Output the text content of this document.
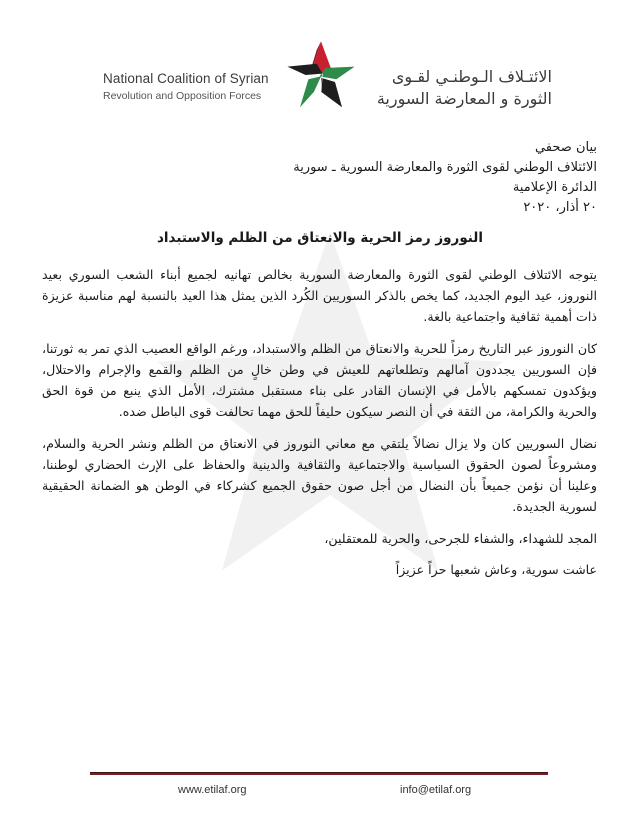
National Coalition of Syrian
Revolution and Opposition Forces
الائتـلاف الـوطنـي لقـوى
الثورة و المعارضة السورية
بيان صحفي
الائتلاف الوطني لقوى الثورة والمعارضة السورية ـ سورية
الدائرة الإعلامية
٢٠ أذار، ٢٠٢٠
النوروز رمز الحرية والانعتاق من الظلم والاستبداد

يتوجه الائتلاف الوطني لقوى الثورة والمعارضة السورية بخالص تهانيه لجميع أبناء الشعب السوري بعيد النوروز، عيد اليوم الجديد، كما يخص بالذكر السوريين الكُرد الذين يمثل هذا العيد بالنسبة لهم مناسبة عزيزة ذات أهمية ثقافية واجتماعية بالغة.

كان النوروز عبر التاريخ رمزاً للحرية والانعتاق من الظلم والاستبداد، ورغم الواقع العصيب الذي تمر به ثورتنا، فإن السوريين يجددون آمالهم وتطلعاتهم للعيش في وطن خالٍ من الظلم والقمع والإجرام والاحتلال، ويؤكدون تمسكهم بالأمل في الإنسان القادر على بناء مستقبل مشترك، الأمل الذي ينبع من قوة الحق والحرية والكرامة، من الثقة في أن النصر سيكون حليفاً للحق مهما تحالفت قوى الباطل ضده.

نضال السوريين كان ولا يزال نضالاً يلتقي مع معاني النوروز في الانعتاق من الظلم ونشر الحرية والسلام، ومشروعاً لصون الحقوق السياسية والاجتماعية والثقافية والدينية والحفاظ على الإرث الحضاري لوطننا، وعلينا أن نؤمن جميعاً بأن النضال من أجل صون حقوق الجميع كشركاء في الوطن هو الضمانة الحقيقية لسورية الجديدة.

المجد للشهداء، والشفاء للجرحى، والحرية للمعتقلين،

عاشت سورية، وعاش شعبها حراً عزيزاً

www.etilaf.org	info@etilaf.org
